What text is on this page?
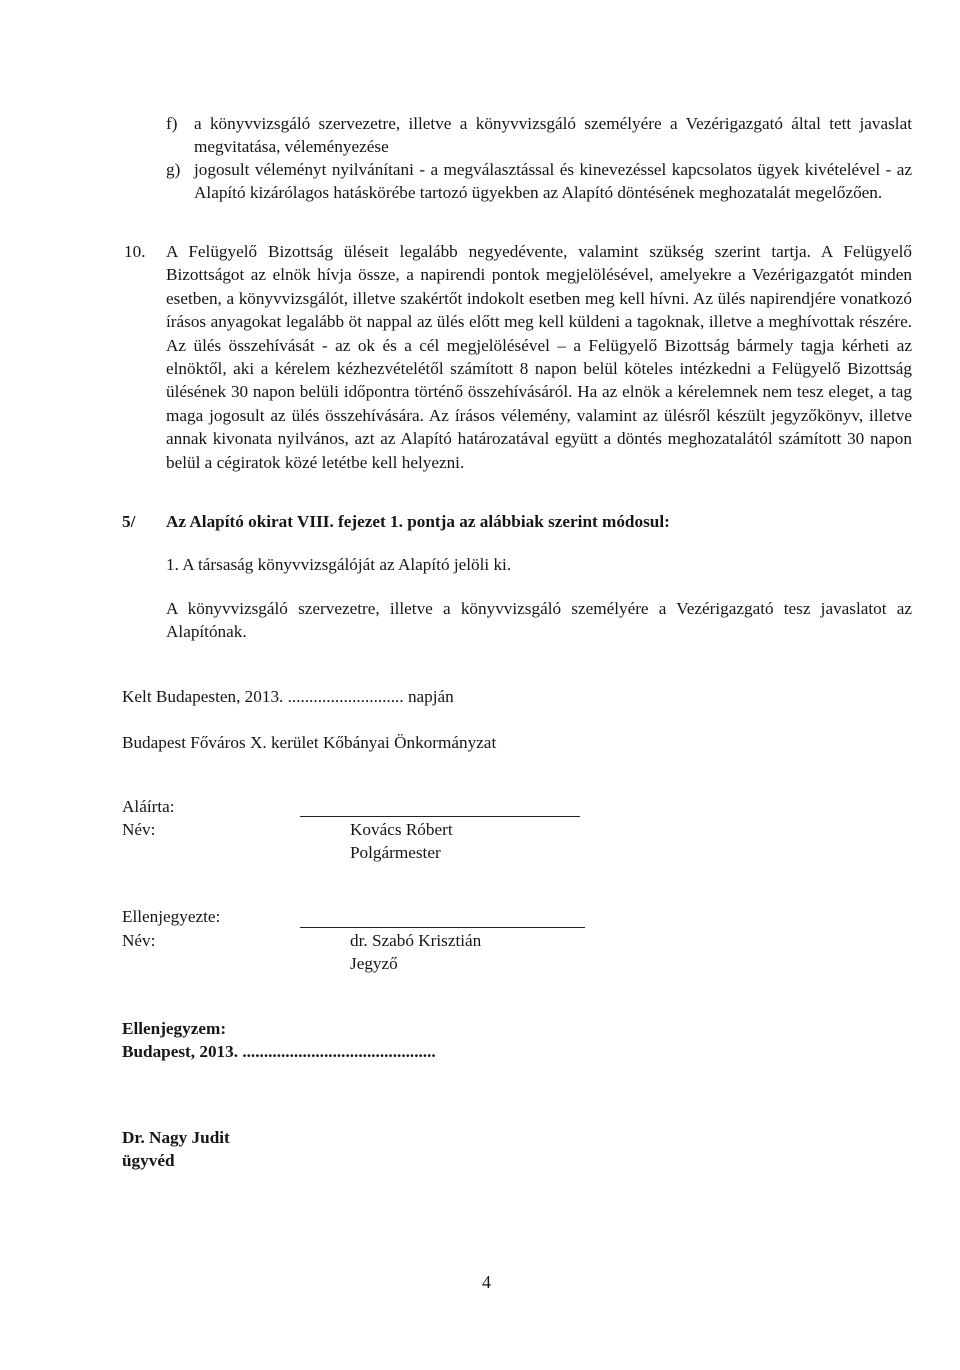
f) a könyvvizsgáló szervezetre, illetve a könyvvizsgáló személyére a Vezérigazgató által tett javaslat megvitatása, véleményezése
g) jogosult véleményt nyilvánítani - a megválasztással és kinevezéssel kapcsolatos ügyek kivételével - az Alapító kizárólagos hatáskörébe tartozó ügyekben az Alapító döntésének meghozatalát megelőzően.
10. A Felügyelő Bizottság üléseit legalább negyedévente, valamint szükség szerint tartja. A Felügyelő Bizottságot az elnök hívja össze, a napirendi pontok megjelölésével, amelyekre a Vezérigazgatót minden esetben, a könyvvizsgálót, illetve szakértőt indokolt esetben meg kell hívni. Az ülés napirendjére vonatkozó írásos anyagokat legalább öt nappal az ülés előtt meg kell küldeni a tagoknak, illetve a meghívottak részére. Az ülés összehívását - az ok és a cél megjelölésével – a Felügyelő Bizottság bármely tagja kérheti az elnöktől, aki a kérelem kézhezvételétől számított 8 napon belül köteles intézkedni a Felügyelő Bizottság ülésének 30 napon belüli időpontra történő összehívásáról. Ha az elnök a kérelemnek nem tesz eleget, a tag maga jogosult az ülés összehívására. Az írásos vélemény, valamint az ülésről készült jegyzőkönyv, illetve annak kivonata nyilvános, azt az Alapító határozatával együtt a döntés meghozatalától számított 30 napon belül a cégiratok közé letétbe kell helyezni.
5/ Az Alapító okirat VIII. fejezet 1. pontja az alábbiak szerint módosul:
1. A társaság könyvvizsgálóját az Alapító jelöli ki.
A könyvvizsgáló szervezetre, illetve a könyvvizsgáló személyére a Vezérigazgató tesz javaslatot az Alapítónak.
Kelt Budapesten, 2013. ........................... napján
Budapest Főváros X. kerület Kőbányai Önkormányzat
Aláírta:
Név:	Kovács Róbert
Polgármester
Ellenjegyezte:
Név:	dr. Szabó Krisztián
Jegyző
Ellenjegyzem:
Budapest, 2013. .............................................
Dr. Nagy Judit
ügyvéd
4
